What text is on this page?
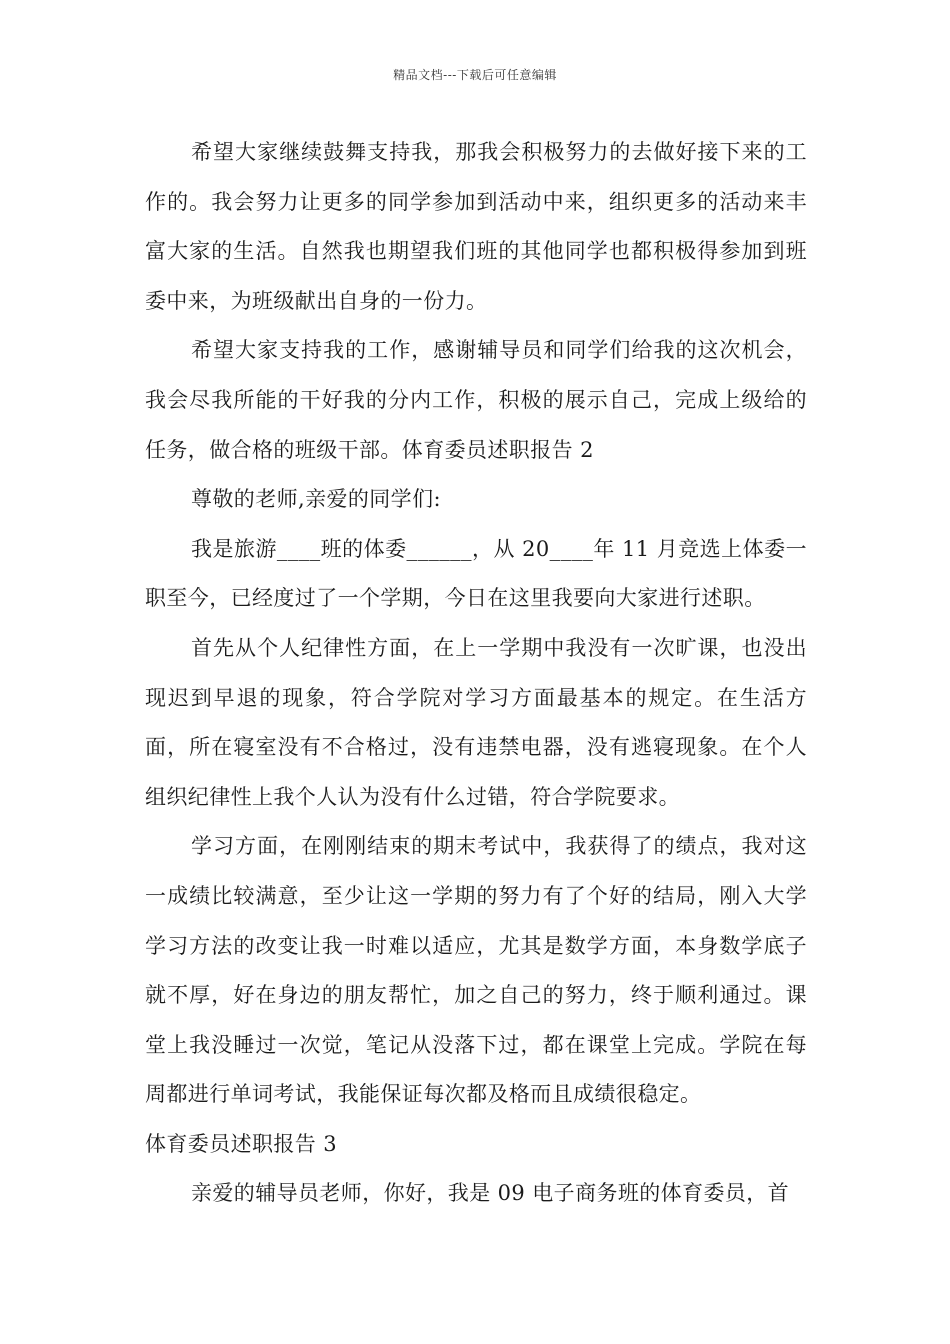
精品文档---下载后可任意编辑

希望大家继续鼓舞支持我，那我会积极努力的去做好接下来的工作的。我会努力让更多的同学参加到活动中来，组织更多的活动来丰富大家的生活。自然我也期望我们班的其他同学也都积极得参加到班委中来，为班级献出自身的一份力。

希望大家支持我的工作，感谢辅导员和同学们给我的这次机会，我会尽我所能的干好我的分内工作，积极的展示自己，完成上级给的任务，做合格的班级干部。体育委员述职报告 2

尊敬的老师,亲爱的同学们:

我是旅游____班的体委______，从 20____年 11 月竞选上体委一职至今，已经度过了一个学期，今日在这里我要向大家进行述职。

首先从个人纪律性方面，在上一学期中我没有一次旷课，也没出现迟到早退的现象，符合学院对学习方面最基本的规定。在生活方面，所在寝室没有不合格过，没有违禁电器，没有逃寝现象。在个人组织纪律性上我个人认为没有什么过错，符合学院要求。

学习方面，在刚刚结束的期末考试中，我获得了的绩点，我对这一成绩比较满意，至少让这一学期的努力有了个好的结局，刚入大学学习方法的改变让我一时难以适应，尤其是数学方面，本身数学底子就不厚，好在身边的朋友帮忙，加之自己的努力，终于顺利通过。课堂上我没睡过一次觉，笔记从没落下过，都在课堂上完成。学院在每周都进行单词考试，我能保证每次都及格而且成绩很稳定。

体育委员述职报告 3

亲爱的辅导员老师，你好，我是 09 电子商务班的体育委员，首
